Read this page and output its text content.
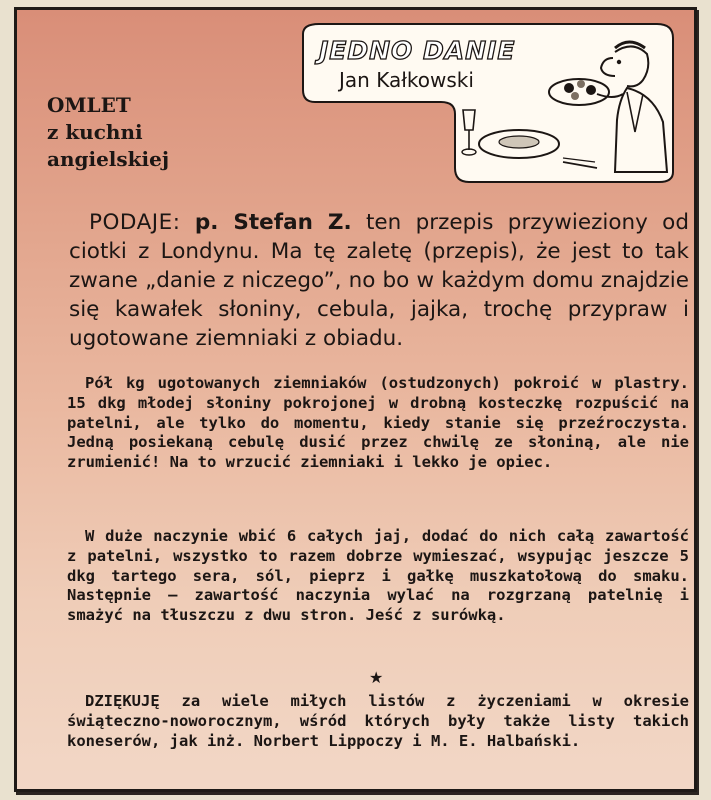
OMLET
z kuchni
angielskiej
JEDNO DANIE
Jan Kałkowski
PODAJE: p. Stefan Z. ten przepis przywieziony od ciotki z Londynu. Ma tę zaletę (przepis), że jest to tak zwane „danie z niczego”, no bo w każdym domu znajdzie się kawałek słoniny, cebula, jajka, trochę przypraw i ugotowane ziemniaki z obiadu.
Pół kg ugotowanych ziemniaków (ostudzonych) pokroić w plastry. 15 dkg młodej słoniny pokrojonej w drobną kosteczkę rozpuścić na patelni, ale tylko do momentu, kiedy stanie się przeźroczysta. Jedną posiekaną cebulę dusić przez chwilę ze słoniną, ale nie zrumienić! Na to wrzucić ziemniaki i lekko je opiec.
W duże naczynie wbić 6 całych jaj, dodać do nich całą zawartość z patelni, wszystko to razem dobrze wymieszać, wsypując jeszcze 5 dkg tartego sera, sól, pieprz i gałkę muszkatołową do smaku. Następnie — zawartość naczynia wylać na rozgrzaną patelnię i smażyć na tłuszczu z dwu stron. Jeść z surówką.
★
DZIĘKUJĘ za wiele miłych listów z życzeniami w okresie świąteczno-noworocznym, wśród których były także listy takich koneserów, jak inż. Norbert Lippoczy i M. E. Halbański.
